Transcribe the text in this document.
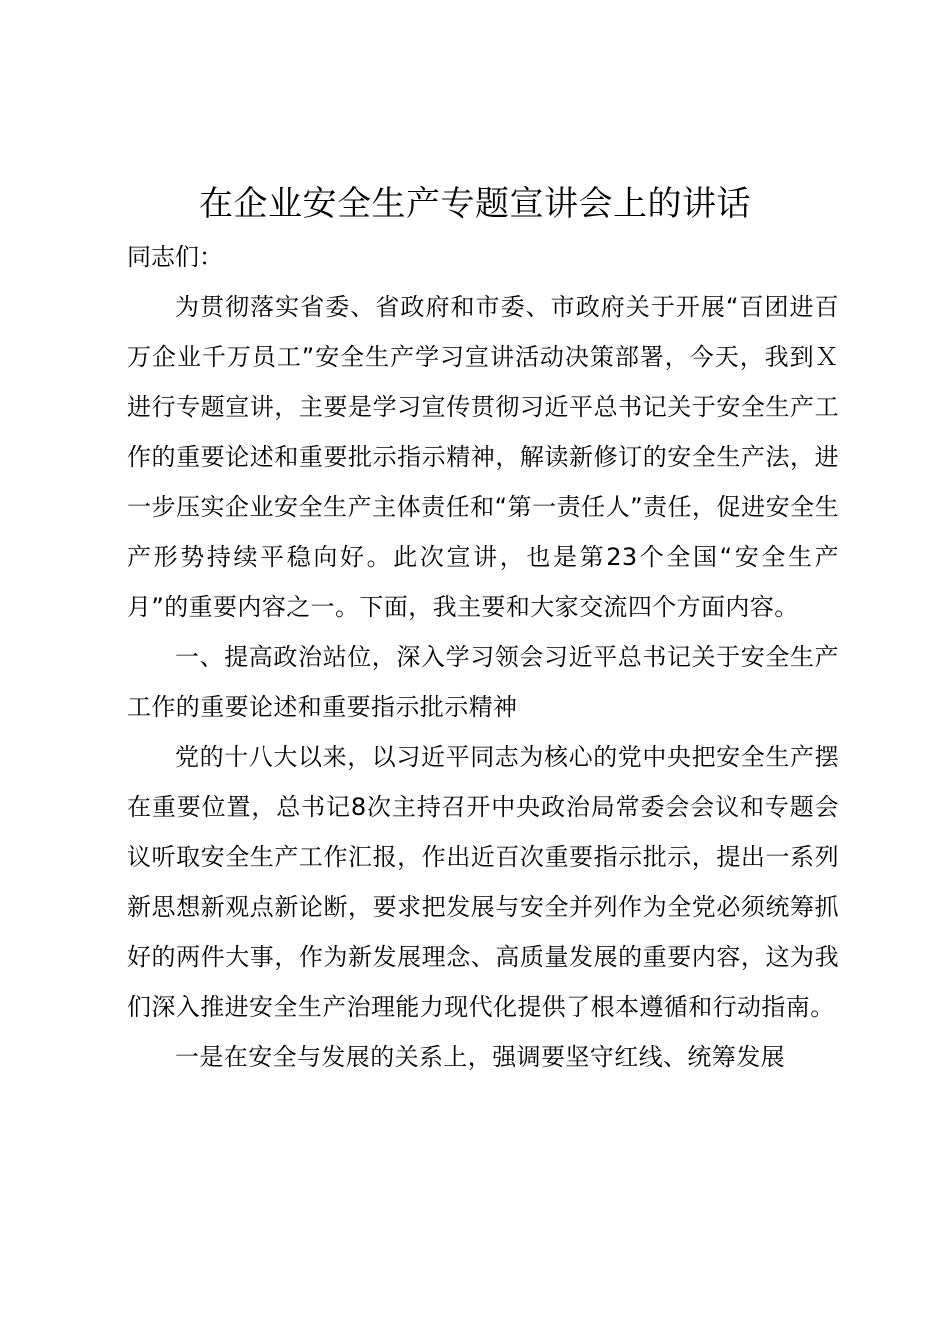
在企业安全生产专题宣讲会上的讲话

同志们：

为贯彻落实省委、省政府和市委、市政府关于开展“百团进百万企业千万员工”安全生产学习宣讲活动决策部署，今天，我到Ｘ进行专题宣讲，主要是学习宣传贯彻习近平总书记关于安全生产工作的重要论述和重要批示指示精神，解读新修订的安全生产法，进一步压实企业安全生产主体责任和“第一责任人”责任，促进安全生产形势持续平稳向好。此次宣讲，也是第23个全国“安全生产月”的重要内容之一。下面，我主要和大家交流四个方面内容。

一、提高政治站位，深入学习领会习近平总书记关于安全生产工作的重要论述和重要指示批示精神

党的十八大以来，以习近平同志为核心的党中央把安全生产摆在重要位置，总书记8次主持召开中央政治局常委会会议和专题会议听取安全生产工作汇报，作出近百次重要指示批示，提出一系列新思想新观点新论断，要求把发展与安全并列作为全党必须统筹抓好的两件大事，作为新发展理念、高质量发展的重要内容，这为我们深入推进安全生产治理能力现代化提供了根本遵循和行动指南。

一是在安全与发展的关系上，强调要坚守红线、统筹发展
